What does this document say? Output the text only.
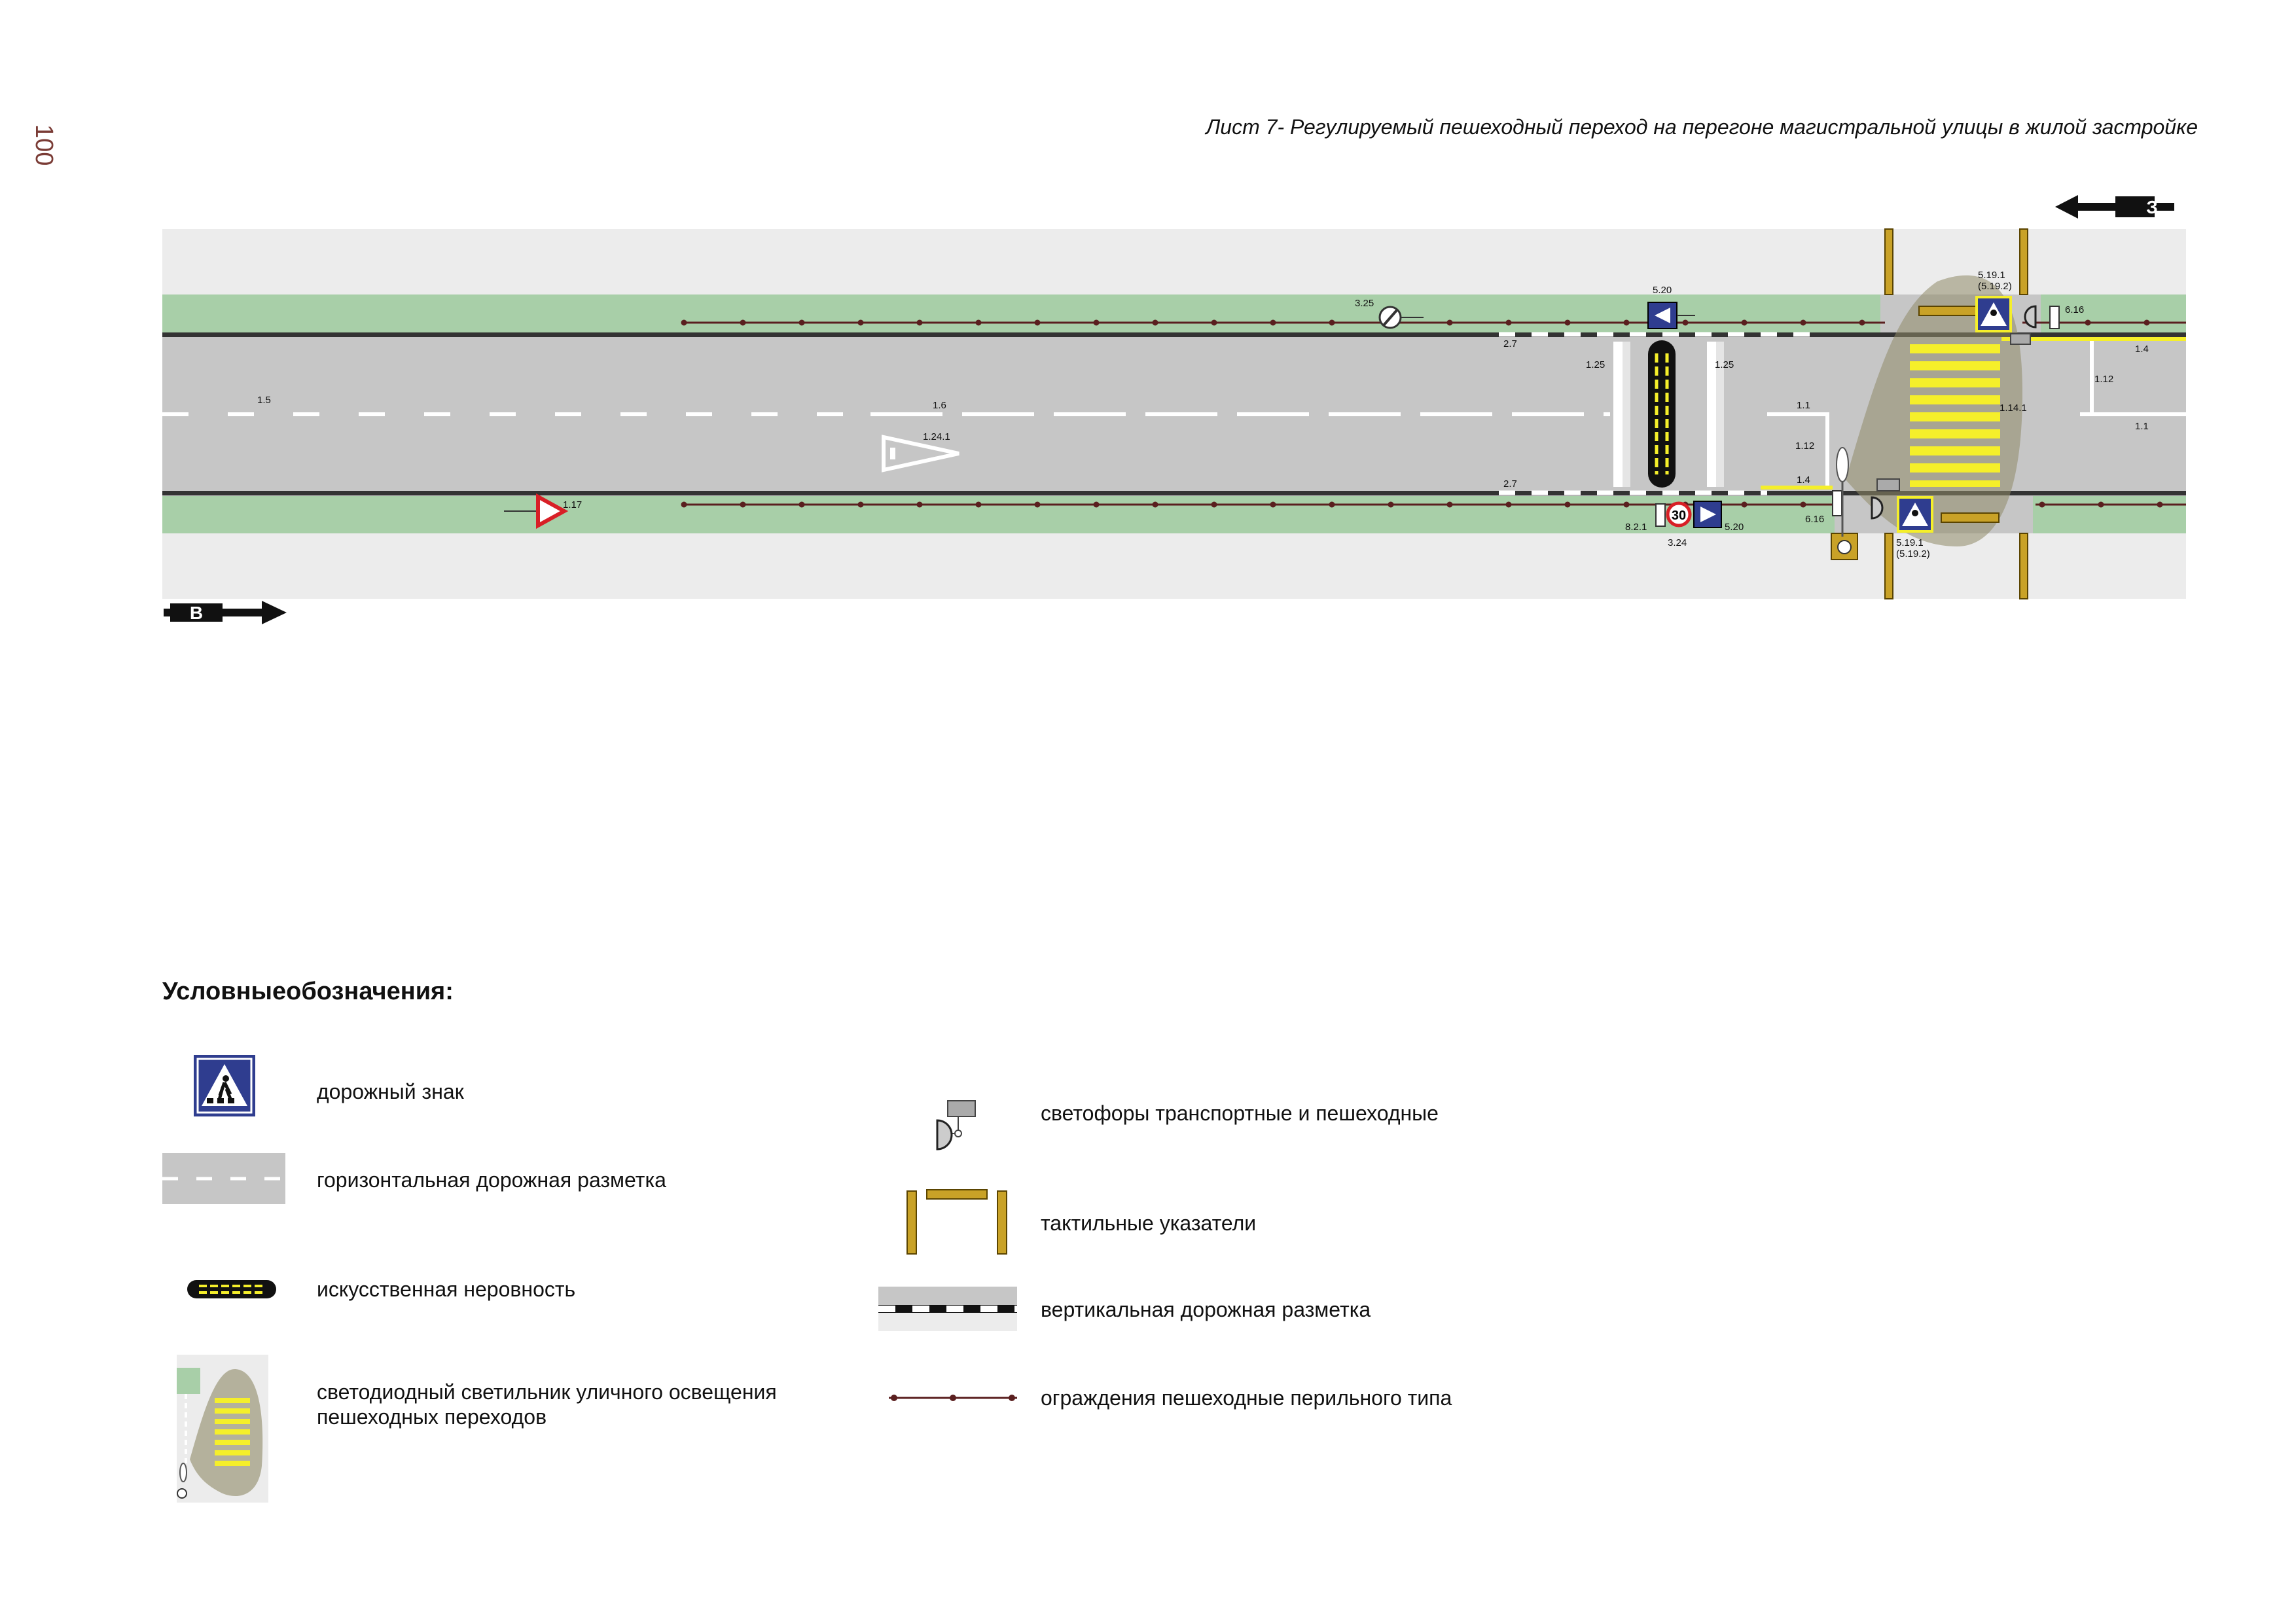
100	Лист 7- Регулируемый пешеходный переход на перегоне магистральной улицы в жилой застройке
30
З
В
1.5	1.6
1.24.1
1.17
2.7
2.7
1.25	1.25
1.1
1.12
1.4
1.14.1
1.12
1.4
1.1
3.25
5.20
5.20
8.2.1
3.24
5.19.1
(5.19.2)
5.19.1
(5.19.2)
6.16
6.16
Условныеобозначения:
дорожный знак
горизонтальная дорожная разметка
искусственная неровность
светодиодный светильник уличного освещения пешеходных переходов
светофоры транспортные и пешеходные
тактильные указатели
вертикальная дорожная разметка
ограждения пешеходные перильного типа
